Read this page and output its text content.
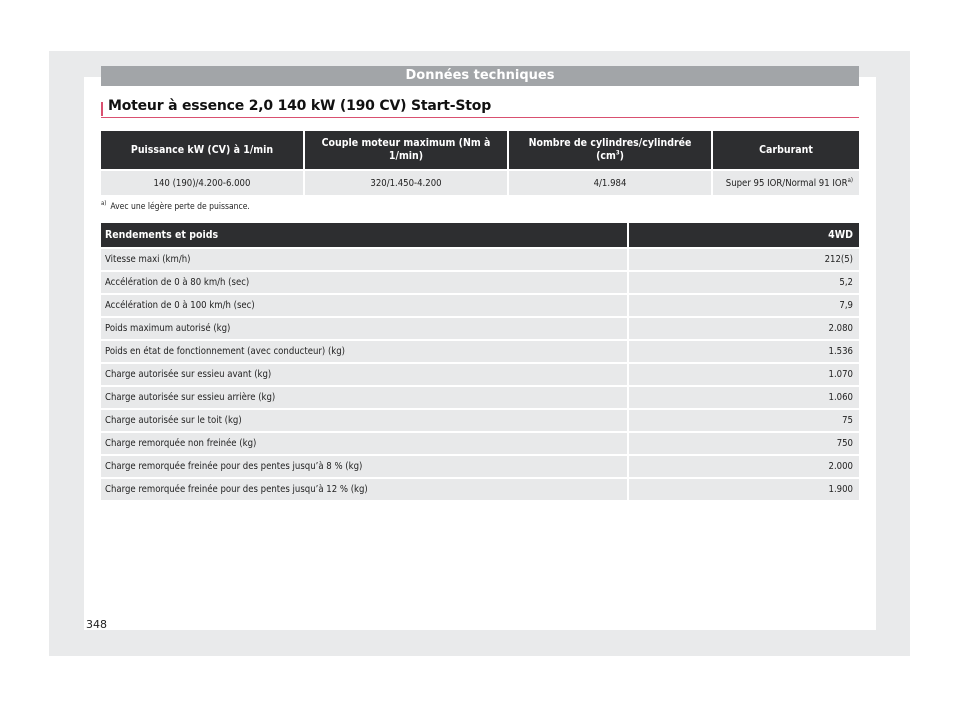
Données techniques
Moteur à essence 2,0 140 kW (190 CV) Start-Stop
Puissance kW (CV) à 1/min	Couple moteur maximum (Nm à 1/min)	Nombre de cylindres/cylindrée $(cm^3)$	Carburant
140 (190)/4.200-6.000	320/1.450-4.200	4/1.984	Super 95 IOR/Normal 91 IOR$^{a)}$
$^{a)}$ Avec une légère perte de puissance.
Rendements et poids	4WD
Vitesse maxi (km/h)	212(5)
Accélération de 0 à 80 km/h (sec)	5,2
Accélération de 0 à 100 km/h (sec)	7,9
Poids maximum autorisé (kg)	2.080
Poids en état de fonctionnement (avec conducteur) (kg)	1.536
Charge autorisée sur essieu avant (kg)	1.070
Charge autorisée sur essieu arrière (kg)	1.060
Charge autorisée sur le toit (kg)	75
Charge remorquée non freinée (kg)	750
Charge remorquée freinée pour des pentes jusqu’à 8 % (kg)	2.000
Charge remorquée freinée pour des pentes jusqu’à 12 % (kg)	1.900
348
